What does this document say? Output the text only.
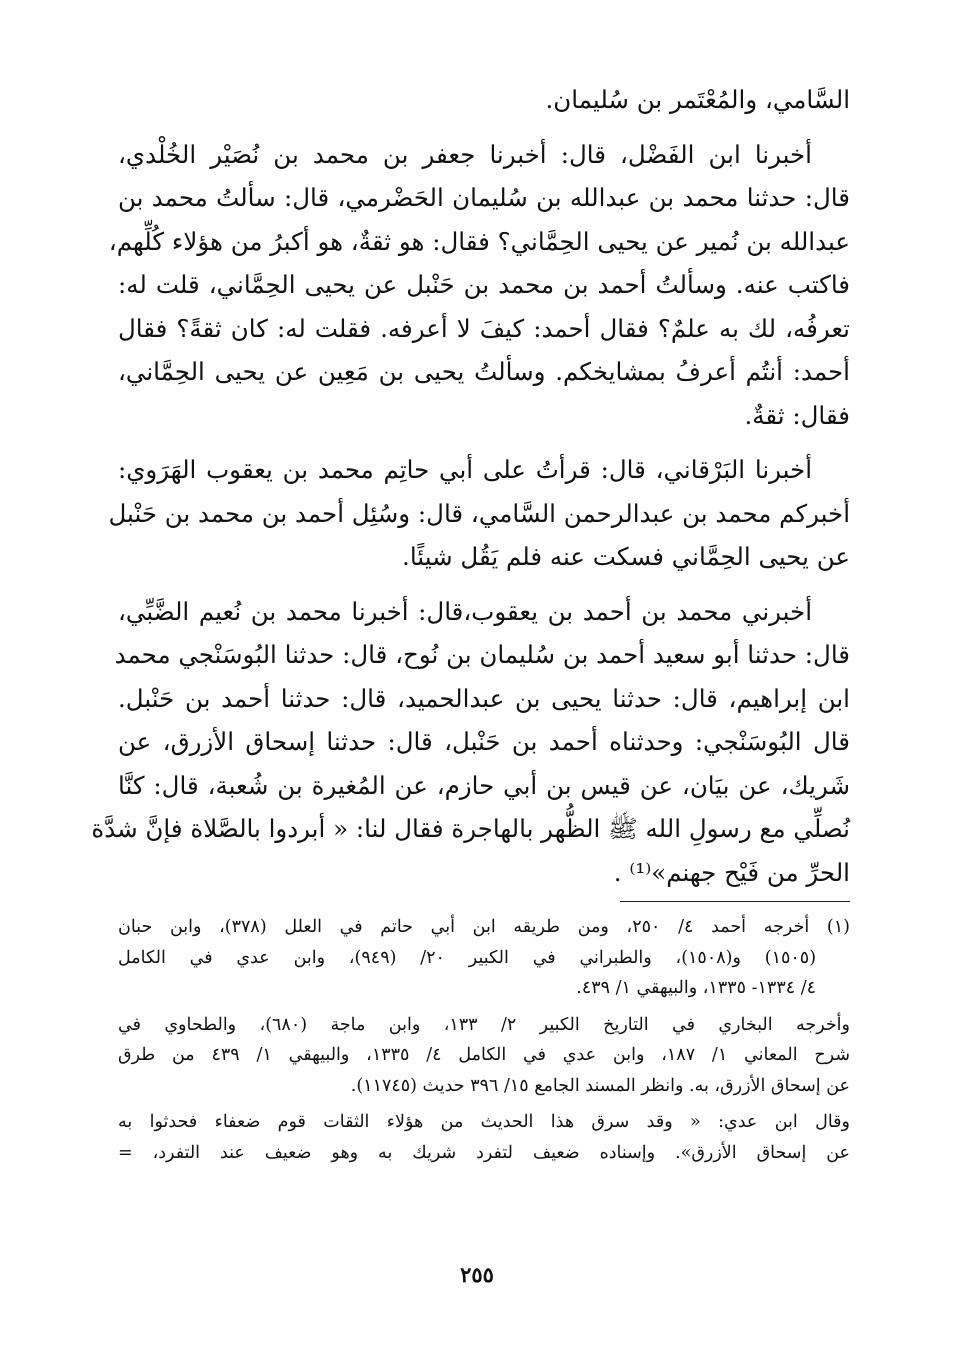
السَّامي، والمُعْتَمر بن سُليمان.
أخبرنا ابن الفَضْل، قال: أخبرنا جعفر بن محمد بن نُصَيْر الخُلْدي،
قال: حدثنا محمد بن عبدالله بن سُليمان الحَضْرمي، قال: سألتُ محمد بن
عبدالله بن نُمير عن يحيى الحِمَّاني؟ فقال: هو ثقةٌ، هو أكبرُ من هؤلاء كُلِّهم،
فاكتب عنه. وسألتُ أحمد بن محمد بن حَنْبل عن يحيى الحِمَّاني، قلت له:
تعرفُه، لك به علمٌ؟ فقال أحمد: كيفَ لا أعرفه. فقلت له: كان ثقةً؟ فقال
أحمد: أنتُم أعرفُ بمشايخكم. وسألتُ يحيى بن مَعِين عن يحيى الحِمَّاني،
فقال: ثقةٌ.
أخبرنا البَرْقاني، قال: قرأتُ على أبي حاتِم محمد بن يعقوب الهَرَوي:
أخبركم محمد بن عبدالرحمن السَّامي، قال: وسُئِل أحمد بن محمد بن حَنْبل
عن يحيى الحِمَّاني فسكت عنه فلم يَقُل شيئًا.
أخبرني محمد بن أحمد بن يعقوب،قال: أخبرنا محمد بن نُعيم الضَّبِّي،
قال: حدثنا أبو سعيد أحمد بن سُليمان بن نُوح، قال: حدثنا البُوسَنْجي محمد
ابن إبراهيم، قال: حدثنا يحيى بن عبدالحميد، قال: حدثنا أحمد بن حَنْبل.
قال البُوسَنْجي: وحدثناه أحمد بن حَنْبل، قال: حدثنا إسحاق الأزرق، عن
شَريك، عن بيَان، عن قيس بن أبي حازم، عن المُغيرة بن شُعبة، قال: كنَّا
نُصلِّي مع رسولِ الله ﷺ الظُّهر بالهاجرة فقال لنا: « أبردوا بالصَّلاة فإنَّ شدَّة
الحرِّ من فَيْح جهنم»⁽¹⁾ .
(١) أخرجه أحمد ٤/ ٢٥٠، ومن طريقه ابن أبي حاتم في العلل (٣٧٨)، وابن حبان
(١٥٠٥) و(١٥٠٨)، والطبراني في الكبير ٢٠/ (٩٤٩)، وابن عدي في الكامل
٤/ ١٣٣٤- ١٣٣٥، والبيهقي ١/ ٤٣٩.
وأخرجه البخاري في التاريخ الكبير ٢/ ١٣٣، وابن ماجة (٦٨٠)، والطحاوي في
شرح المعاني ١/ ١٨٧، وابن عدي في الكامل ٤/ ١٣٣٥، والبيهقي ١/ ٤٣٩ من طرق
عن إسحاق الأزرق، به. وانظر المسند الجامع ١٥/ ٣٩٦ حديث (١١٧٤٥).
وقال ابن عدي: « وقد سرق هذا الحديث من هؤلاء الثقات قوم ضعفاء فحدثوا به
عن إسحاق الأزرق». وإسناده ضعيف لتفرد شريك به وهو ضعيف عند التفرد، =
٢٥٥
